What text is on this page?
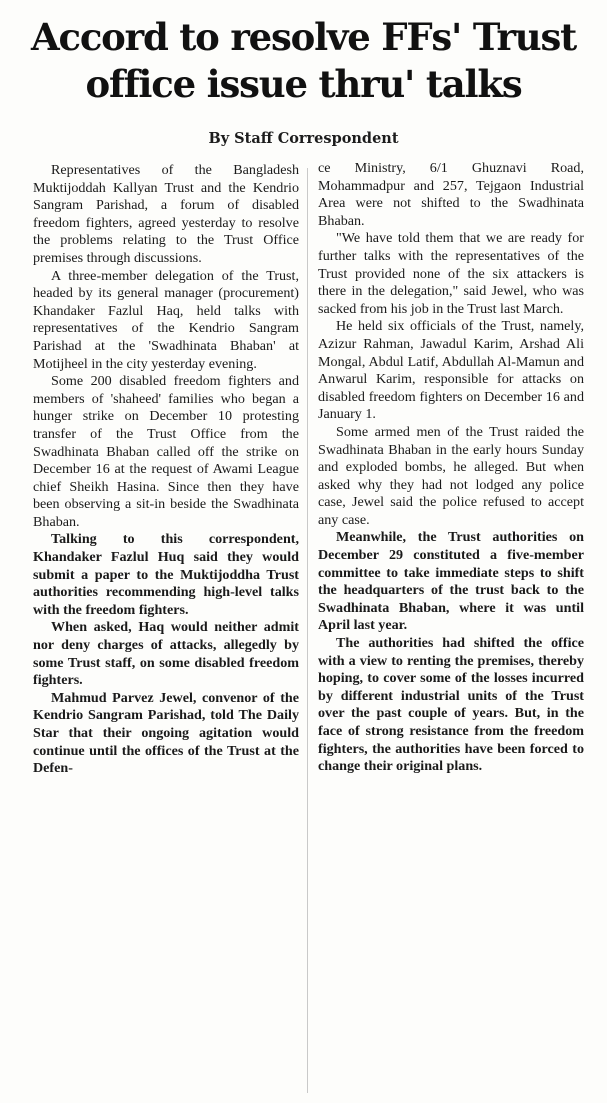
Accord to resolve FFs' Trust
office issue thru' talks
By Staff Correspondent

Representatives of the Bangladesh Muktijoddah Kallyan Trust and the Kendrio Sangram Parishad, a forum of disabled freedom fighters, agreed yesterday to resolve the problems relating to the Trust Office premises through discussions.

A three-member delegation of the Trust, headed by its general manager (procurement) Khandaker Fazlul Haq, held talks with representatives of the Kendrio Sangram Parishad at the 'Swadhinata Bhaban' at Motijheel in the city yesterday evening.

Some 200 disabled freedom fighters and members of 'shaheed' families who began a hunger strike on December 10 protesting transfer of the Trust Office from the Swadhinata Bhaban called off the strike on December 16 at the request of Awami League chief Sheikh Hasina. Since then they have been observing a sit-in beside the Swadhinata Bhaban.

Talking to this correspondent, Khandaker Fazlul Huq said they would submit a paper to the Muktijoddha Trust authorities recommending high-level talks with the freedom fighters.

When asked, Haq would neither admit nor deny charges of attacks, allegedly by some Trust staff, on some disabled freedom fighters.

Mahmud Parvez Jewel, convenor of the Kendrio Sangram Parishad, told The Daily Star that their ongoing agitation would continue until the offices of the Trust at the Defen-

ce Ministry, 6/1 Ghuznavi Road, Mohammadpur and 257, Tejgaon Industrial Area were not shifted to the Swadhinata Bhaban.

"We have told them that we are ready for further talks with the representatives of the Trust provided none of the six attackers is there in the delegation," said Jewel, who was sacked from his job in the Trust last March.

He held six officials of the Trust, namely, Azizur Rahman, Jawadul Karim, Arshad Ali Mongal, Abdul Latif, Abdullah Al-Mamun and Anwarul Karim, responsible for attacks on disabled freedom fighters on December 16 and January 1.

Some armed men of the Trust raided the Swadhinata Bhaban in the early hours Sunday and exploded bombs, he alleged. But when asked why they had not lodged any police case, Jewel said the police refused to accept any case.

Meanwhile, the Trust authorities on December 29 constituted a five-member committee to take immediate steps to shift the headquarters of the trust back to the Swadhinata Bhaban, where it was until April last year.

The authorities had shifted the office with a view to renting the premises, thereby hoping, to cover some of the losses incurred by different industrial units of the Trust over the past couple of years. But, in the face of strong resistance from the freedom fighters, the authorities have been forced to change their original plans.
